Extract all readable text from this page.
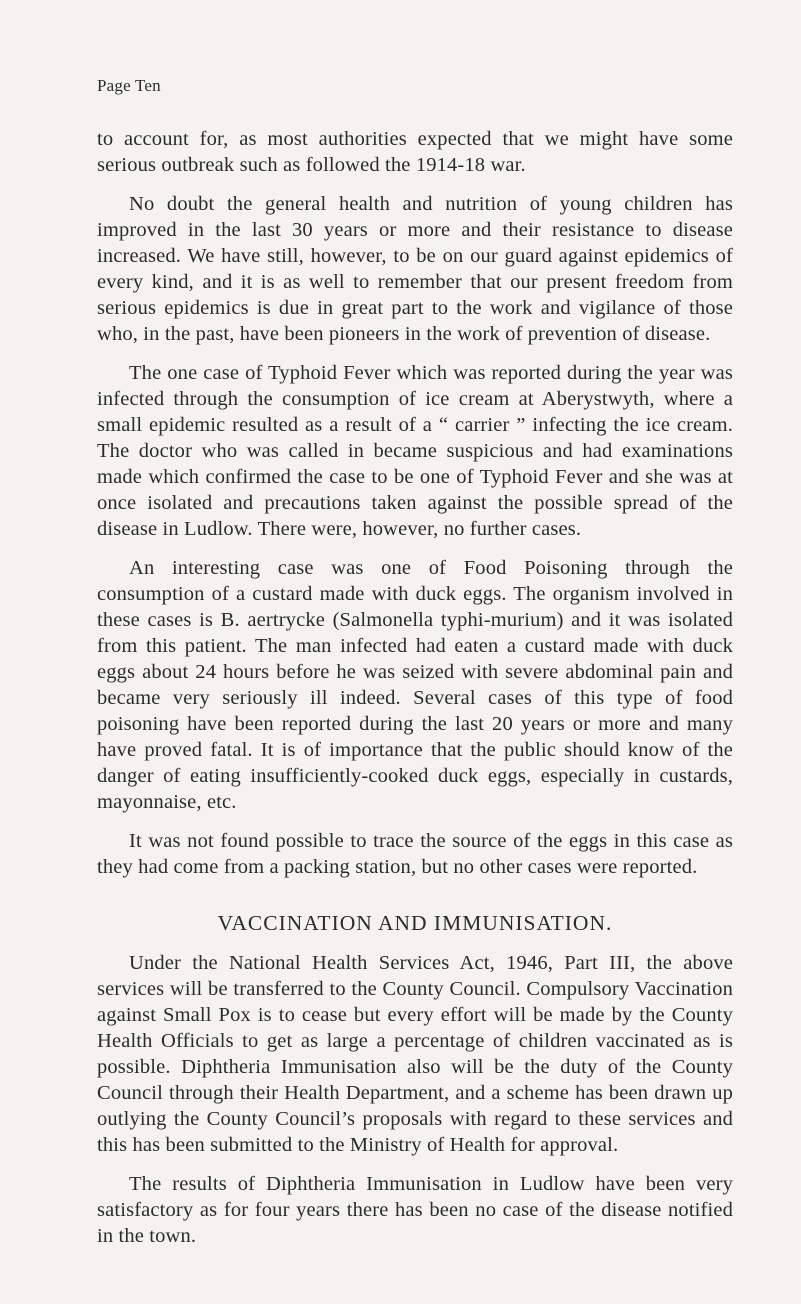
Page Ten

to account for, as most authorities expected that we might have some serious outbreak such as followed the 1914-18 war.

No doubt the general health and nutrition of young children has improved in the last 30 years or more and their resistance to disease increased. We have still, however, to be on our guard against epidemics of every kind, and it is as well to remember that our present freedom from serious epidemics is due in great part to the work and vigilance of those who, in the past, have been pioneers in the work of prevention of disease.

The one case of Typhoid Fever which was reported during the year was infected through the consumption of ice cream at Aberystwyth, where a small epidemic resulted as a result of a “ carrier ” infecting the ice cream. The doctor who was called in became suspicious and had examinations made which confirmed the case to be one of Typhoid Fever and she was at once isolated and precautions taken against the possible spread of the disease in Ludlow. There were, however, no further cases.

An interesting case was one of Food Poisoning through the consumption of a custard made with duck eggs. The organism involved in these cases is B. aertrycke (Salmonella typhi-murium) and it was isolated from this patient. The man infected had eaten a custard made with duck eggs about 24 hours before he was seized with severe abdominal pain and became very seriously ill indeed. Several cases of this type of food poisoning have been reported during the last 20 years or more and many have proved fatal. It is of importance that the public should know of the danger of eating insufficiently-cooked duck eggs, especially in custards, mayonnaise, etc.

It was not found possible to trace the source of the eggs in this case as they had come from a packing station, but no other cases were reported.

VACCINATION AND IMMUNISATION.

Under the National Health Services Act, 1946, Part III, the above services will be transferred to the County Council. Compulsory Vaccination against Small Pox is to cease but every effort will be made by the County Health Officials to get as large a percentage of children vaccinated as is possible. Diphtheria Immunisation also will be the duty of the County Council through their Health Department, and a scheme has been drawn up outlying the County Council’s proposals with regard to these services and this has been submitted to the Ministry of Health for approval.

The results of Diphtheria Immunisation in Ludlow have been very satisfactory as for four years there has been no case of the disease notified in the town.
